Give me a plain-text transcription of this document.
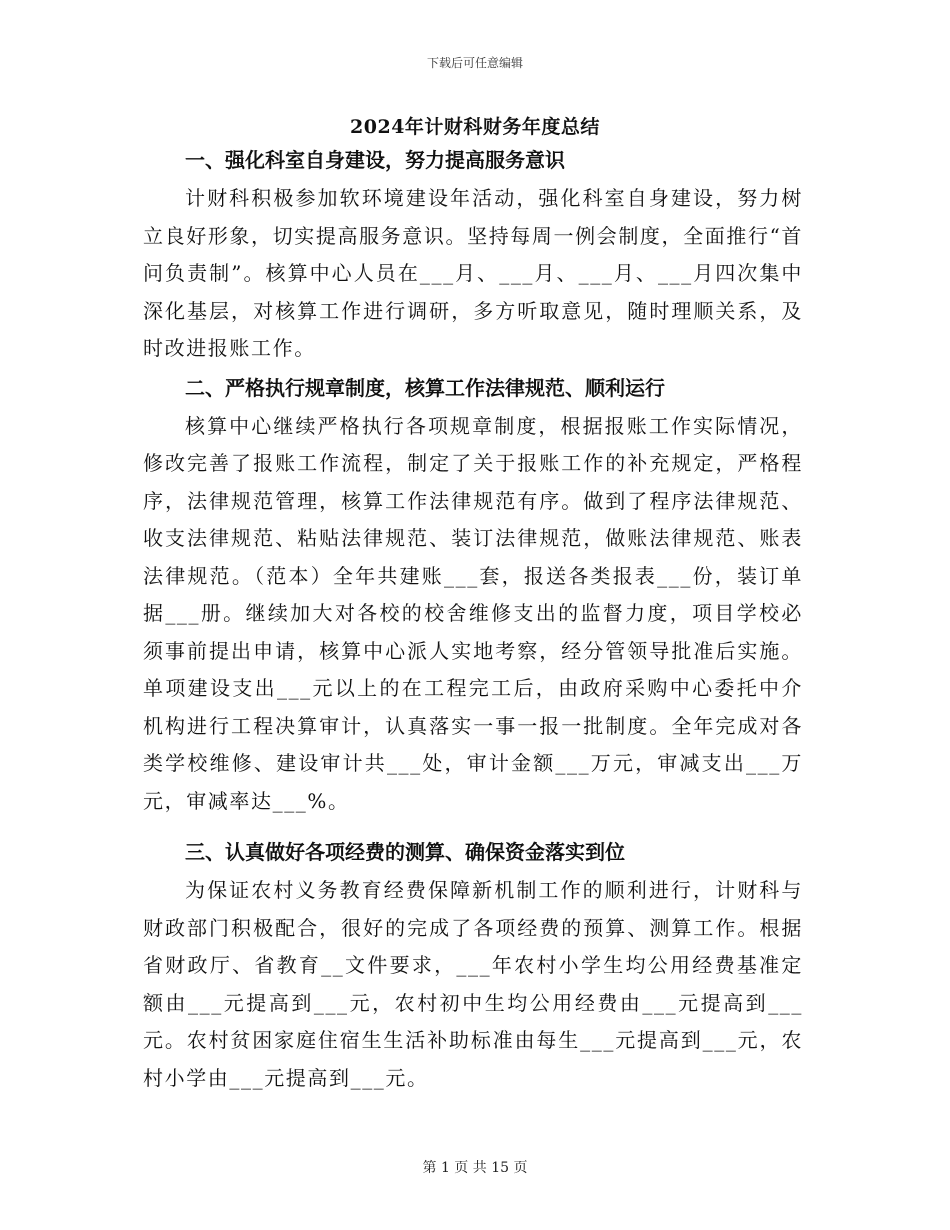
下载后可任意编辑
2024年计财科财务年度总结

一、强化科室自身建设，努力提高服务意识

计财科积极参加软环境建设年活动，强化科室自身建设，努力树立良好形象，切实提高服务意识。坚持每周一例会制度，全面推行“首问负责制”。核算中心人员在___月、___月、___月、___月四次集中深化基层，对核算工作进行调研，多方听取意见，随时理顺关系，及时改进报账工作。

二、严格执行规章制度，核算工作法律规范、顺利运行

核算中心继续严格执行各项规章制度，根据报账工作实际情况，修改完善了报账工作流程，制定了关于报账工作的补充规定，严格程序，法律规范管理，核算工作法律规范有序。做到了程序法律规范、收支法律规范、粘贴法律规范、装订法律规范，做账法律规范、账表法律规范。（范本）全年共建账___套，报送各类报表___份，装订单据___册。继续加大对各校的校舍维修支出的监督力度，项目学校必须事前提出申请，核算中心派人实地考察，经分管领导批准后实施。单项建设支出___元以上的在工程完工后，由政府采购中心委托中介机构进行工程决算审计，认真落实一事一报一批制度。全年完成对各类学校维修、建设审计共___处，审计金额___万元，审减支出___万元，审减率达___%。

三、认真做好各项经费的测算、确保资金落实到位

为保证农村义务教育经费保障新机制工作的顺利进行，计财科与财政部门积极配合，很好的完成了各项经费的预算、测算工作。根据省财政厅、省教育__文件要求，___年农村小学生均公用经费基准定额由___元提高到___元，农村初中生均公用经费由___元提高到___元。农村贫困家庭住宿生生活补助标准由每生___元提高到___元，农村小学由___元提高到___元。

第 1 页 共 15 页
